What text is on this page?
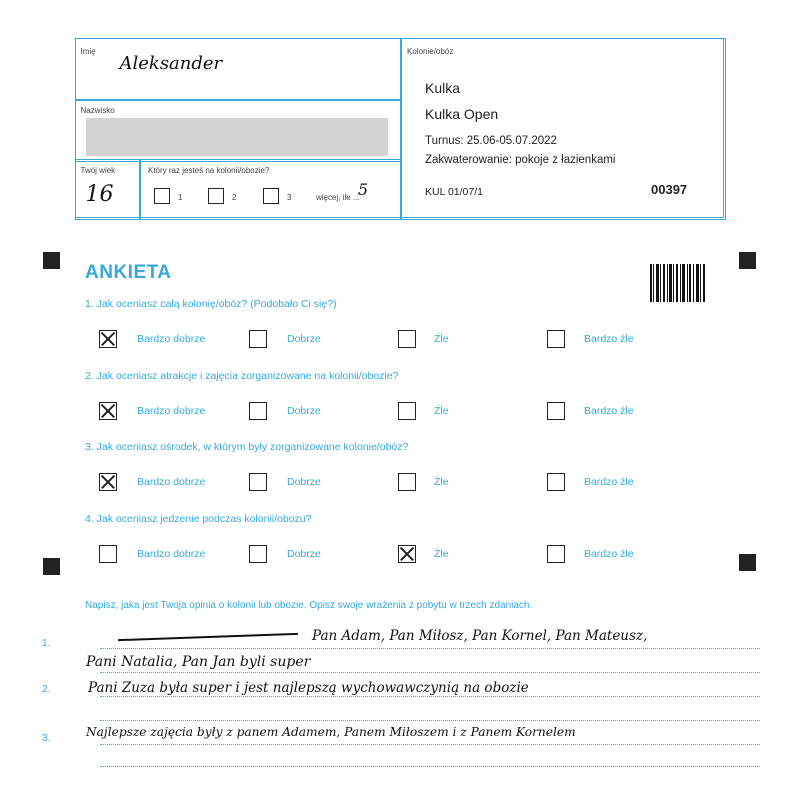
Imię
Aleksander
Nazwisko
Twój wiek
16
Który raz jesteś na kolonii/obozie?
1	2	3	więcej, ile ...
5
Kolonie/obóz
Kulka
Kulka Open
Turnus: 25.06-05.07.2022
Zakwaterowanie: pokoje z łazienkami
KUL 01/07/1	00397
ANKIETA
1. Jak oceniasz całą kolonię/obóz? (Podobało Ci się?)
Bardzo dobrze	Dobrze	Źle	Bardzo źle
2. Jak oceniasz atrakcje i zajęcia zorganizowane na kolonii/obozie?
Bardzo dobrze	Dobrze	Źle	Bardzo źle
3. Jak oceniasz ośrodek, w którym były zorganizowane kolonie/obóz?
Bardzo dobrze	Dobrze	Źle	Bardzo źle
4. Jak oceniasz jedzenie podczas kolonii/obozu?
Bardzo dobrze	Dobrze	Źle	Bardzo źle
Napisz, jaka jest Twoja opinia o kolonii lub obozie. Opisz swoje wrażenia z pobytu w trzech zdaniach.
1.
2.
3.
Pan Adam, Pan Miłosz, Pan Kornel, Pan Mateusz,
Pani Natalia, Pan Jan byli super
Pani Zuza była super i jest najlepszą wychowawczynią na obozie
Najlepsze zajęcia były z panem Adamem, Panem Miłoszem i z Panem Kornelem
